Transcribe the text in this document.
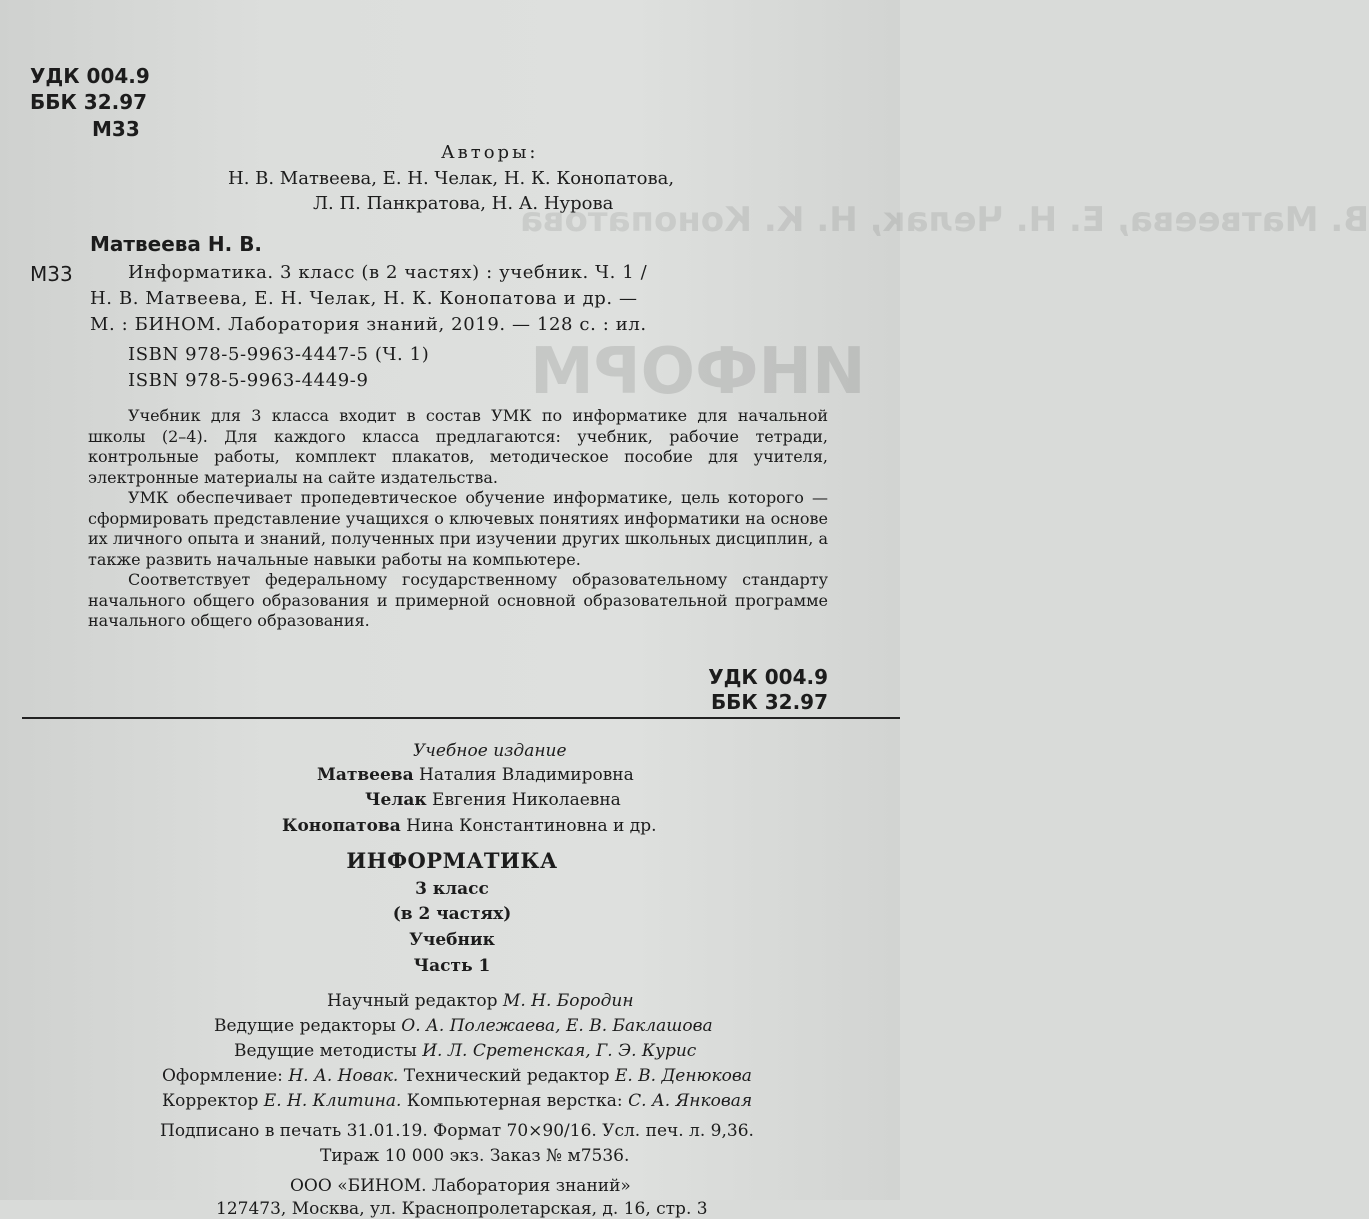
В. Матвеева, Е. Н. Челак, Н. К. Конопатова
ИНФОРМ
УДК 004.9
ББК 32.97
М33
Авторы:
Н. В. Матвеева, Е. Н. Челак, Н. К. Конопатова,
Л. П. Панкратова, Н. А. Нурова
Матвеева Н. В.
М33	Информатика. 3 класс (в 2 частях) : учебник. Ч. 1 /
Н. В. Матвеева, Е. Н. Челак, Н. К. Конопатова и др. —
М. : БИНОМ. Лаборатория знаний, 2019. — 128 с. : ил.
ISBN 978-5-9963-4447-5 (Ч. 1)
ISBN 978-5-9963-4449-9

Учебник для 3 класса входит в состав УМК по информатике для начальной школы (2–4). Для каждого класса предлагаются: учебник, рабочие тетради, контрольные работы, комплект плакатов, методическое пособие для учителя, электронные материалы на сайте издательства.

УМК обеспечивает пропедевтическое обучение информатике, цель которого — сформировать представление учащихся о ключевых понятиях информатики на основе их личного опыта и знаний, полученных при изучении других школьных дисциплин, а также развить начальные навыки работы на компьютере.

Соответствует федеральному государственному образовательному стандарту начального общего образования и примерной основной образовательной программе начального общего образования.

УДК 004.9
ББК 32.97
Учебное издание
Матвеева Наталия Владимировна
Челак Евгения Николаевна
Конопатова Нина Константиновна и др.
ИНФОРМАТИКА
3 класс
(в 2 частях)
Учебник
Часть 1
Научный редактор М. Н. Бородин
Ведущие редакторы О. А. Полежаева, Е. В. Баклашова
Ведущие методисты И. Л. Сретенская, Г. Э. Курис
Оформление: Н. А. Новак. Технический редактор Е. В. Денюкова
Корректор Е. Н. Клитина. Компьютерная верстка: С. А. Янковая
Подписано в печать 31.01.19. Формат 70×90/16. Усл. печ. л. 9,36.
Тираж 10 000 экз. Заказ № м7536.
ООО «БИНОМ. Лаборатория знаний»
127473, Москва, ул. Краснопролетарская, д. 16, стр. 3
